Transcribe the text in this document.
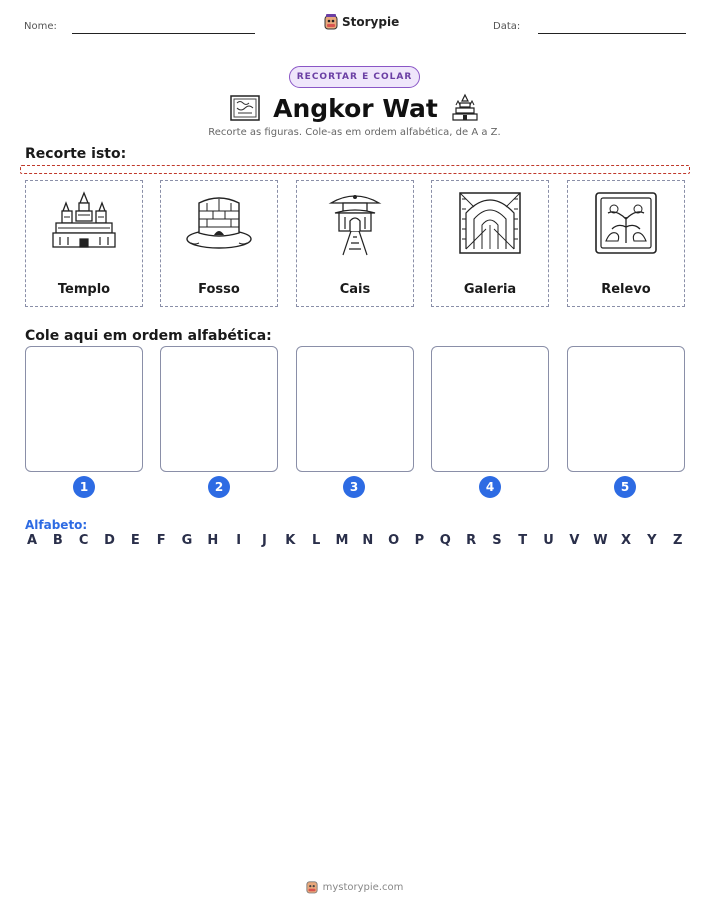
Nome:	Storypie	Data:
RECORTAR E COLAR
Angkor Wat
Recorte as figuras. Cole-as em ordem alfabética, de A a Z.
Recorte isto:
Templo	Fosso	Cais	Galeria	Relevo
Cole aqui em ordem alfabética:
1	2	3	4	5
Alfabeto:
A B C D E F G H	I	J	K L M N O P Q R S T U V W X Y Z
mystorypie.com
